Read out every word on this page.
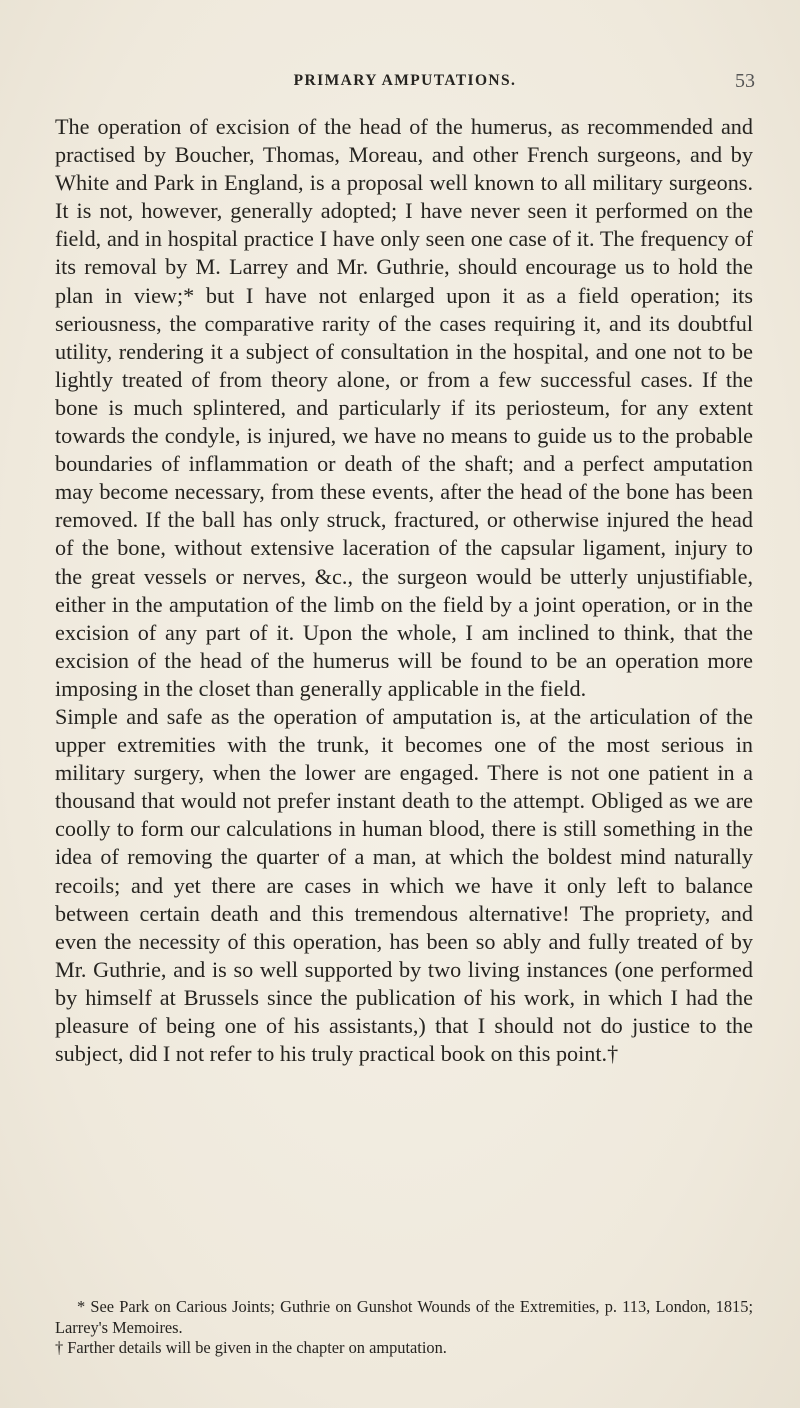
PRIMARY AMPUTATIONS.	53

The operation of excision of the head of the humerus, as recommended and practised by Boucher, Thomas, Moreau, and other French surgeons, and by White and Park in England, is a proposal well known to all military surgeons. It is not, however, generally adopted; I have never seen it performed on the field, and in hospital practice I have only seen one case of it. The frequency of its removal by M. Larrey and Mr. Guthrie, should encourage us to hold the plan in view;* but I have not enlarged upon it as a field operation; its seriousness, the comparative rarity of the cases requiring it, and its doubtful utility, rendering it a subject of consultation in the hospital, and one not to be lightly treated of from theory alone, or from a few successful cases. If the bone is much splintered, and particularly if its periosteum, for any extent towards the condyle, is injured, we have no means to guide us to the probable boundaries of inflammation or death of the shaft; and a perfect amputation may become necessary, from these events, after the head of the bone has been removed. If the ball has only struck, fractured, or otherwise injured the head of the bone, without extensive laceration of the capsular ligament, injury to the great vessels or nerves, &c., the surgeon would be utterly unjustifiable, either in the amputation of the limb on the field by a joint operation, or in the excision of any part of it. Upon the whole, I am inclined to think, that the excision of the head of the humerus will be found to be an operation more imposing in the closet than generally applicable in the field.

Simple and safe as the operation of amputation is, at the articulation of the upper extremities with the trunk, it becomes one of the most serious in military surgery, when the lower are engaged. There is not one patient in a thousand that would not prefer instant death to the attempt. Obliged as we are coolly to form our calculations in human blood, there is still something in the idea of removing the quarter of a man, at which the boldest mind naturally recoils; and yet there are cases in which we have it only left to balance between certain death and this tremendous alternative! The propriety, and even the necessity of this operation, has been so ably and fully treated of by Mr. Guthrie, and is so well supported by two living instances (one performed by himself at Brussels since the publication of his work, in which I had the pleasure of being one of his assistants,) that I should not do justice to the subject, did I not refer to his truly practical book on this point.†

* See Park on Carious Joints; Guthrie on Gunshot Wounds of the Extremities, p. 113, London, 1815; Larrey's Memoires.

† Farther details will be given in the chapter on amputation.
